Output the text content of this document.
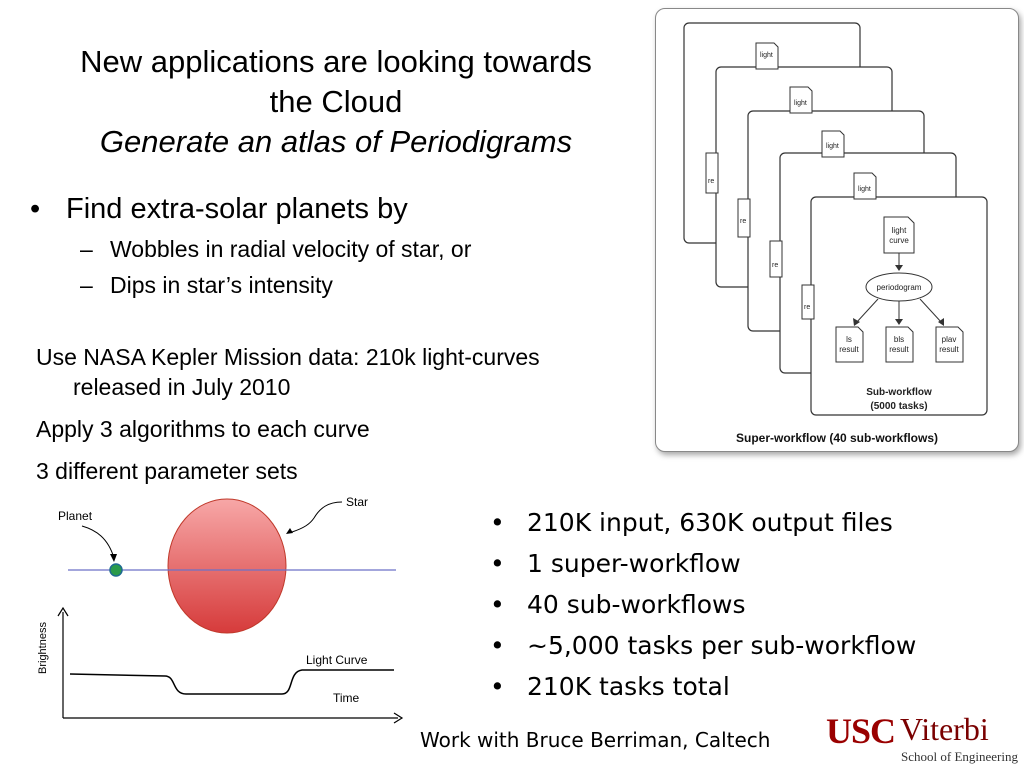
New applications are looking towards
the Cloud
Generate an atlas of Periodigrams
• Find extra-solar planets by
– Wobbles in radial velocity of star, or
– Dips in star’s intensity
Use NASA Kepler Mission data: 210k light-curves released in July 2010
Apply 3 algorithms to each curve
3 different parameter sets
light
light
light
light
re
re
re
re
light
curve
periodogram
ls
result
bls
result
plav
result
Sub-workflow
(5000 tasks)
Super-workflow (40 sub-workflows)
Star
Planet
Brightness	Light Curve
Time
• 210K input, 630K output files
• 1 super-workflow
• 40 sub-workflows
• ~5,000 tasks per sub-workflow
• 210K tasks total
Work with Bruce Berriman, Caltech USC Viterbi
School of Engineering
